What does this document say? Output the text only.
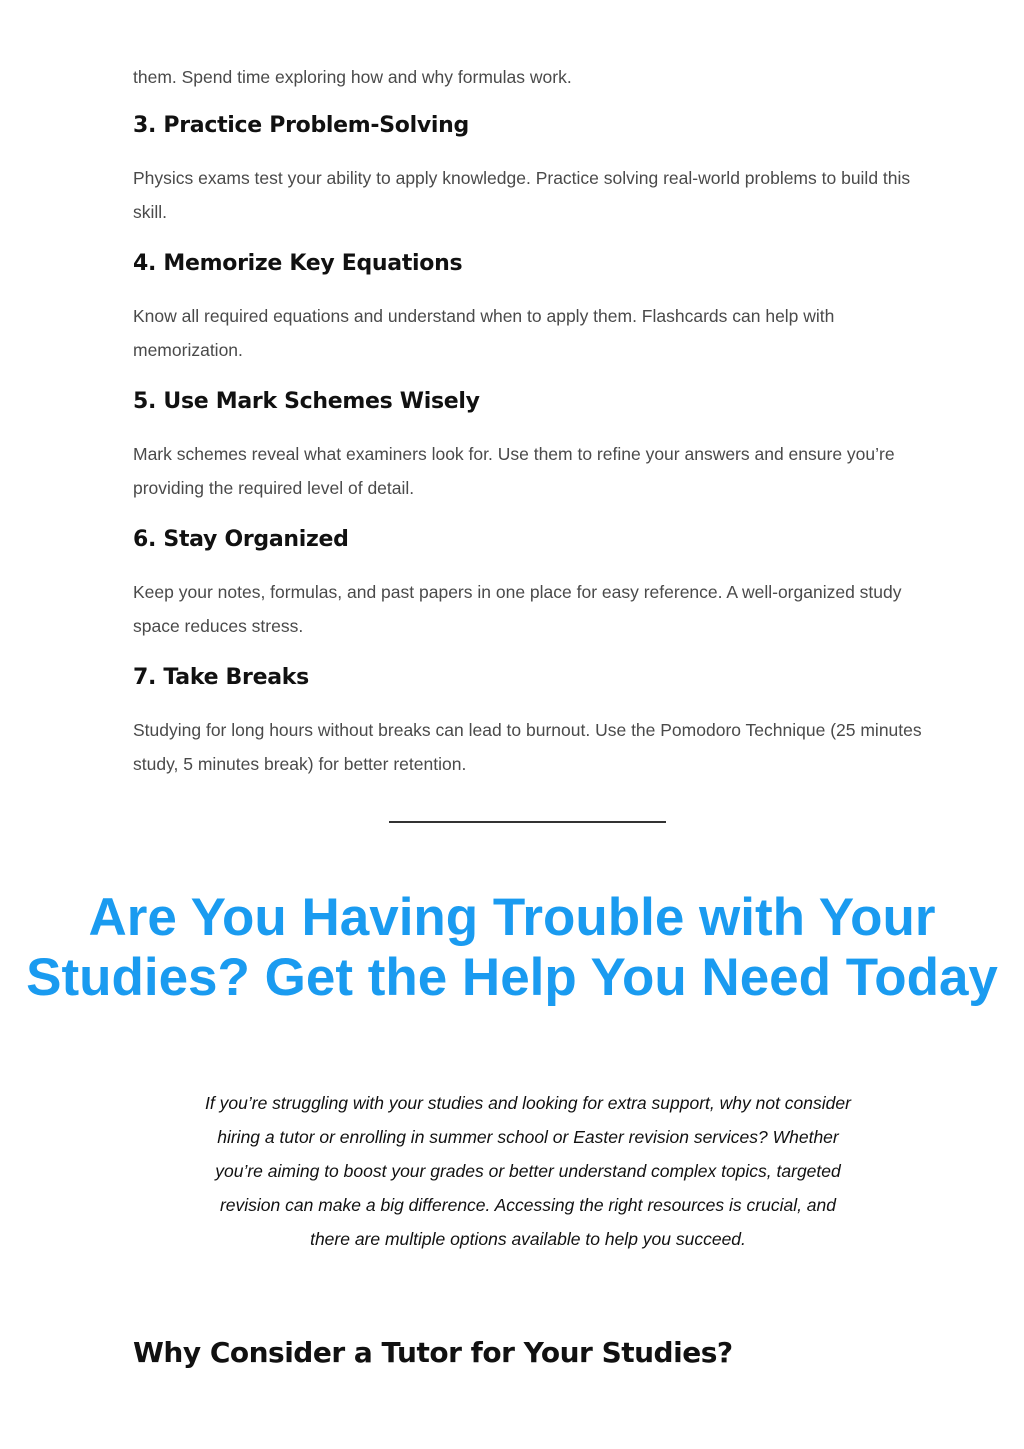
them. Spend time exploring how and why formulas work.

3. Practice Problem-Solving

Physics exams test your ability to apply knowledge. Practice solving real-world problems to build this skill.

4. Memorize Key Equations

Know all required equations and understand when to apply them. Flashcards can help with memorization.

5. Use Mark Schemes Wisely

Mark schemes reveal what examiners look for. Use them to refine your answers and ensure you’re providing the required level of detail.

6. Stay Organized

Keep your notes, formulas, and past papers in one place for easy reference. A well-organized study space reduces stress.

7. Take Breaks

Studying for long hours without breaks can lead to burnout. Use the Pomodoro Technique (25 minutes study, 5 minutes break) for better retention.

Are You Having Trouble with Your Studies? Get the Help You Need Today

If you’re struggling with your studies and looking for extra support, why not consider hiring a tutor or enrolling in summer school or Easter revision services? Whether you’re aiming to boost your grades or better understand complex topics, targeted revision can make a big difference. Accessing the right resources is crucial, and there are multiple options available to help you succeed.

Why Consider a Tutor for Your Studies?
